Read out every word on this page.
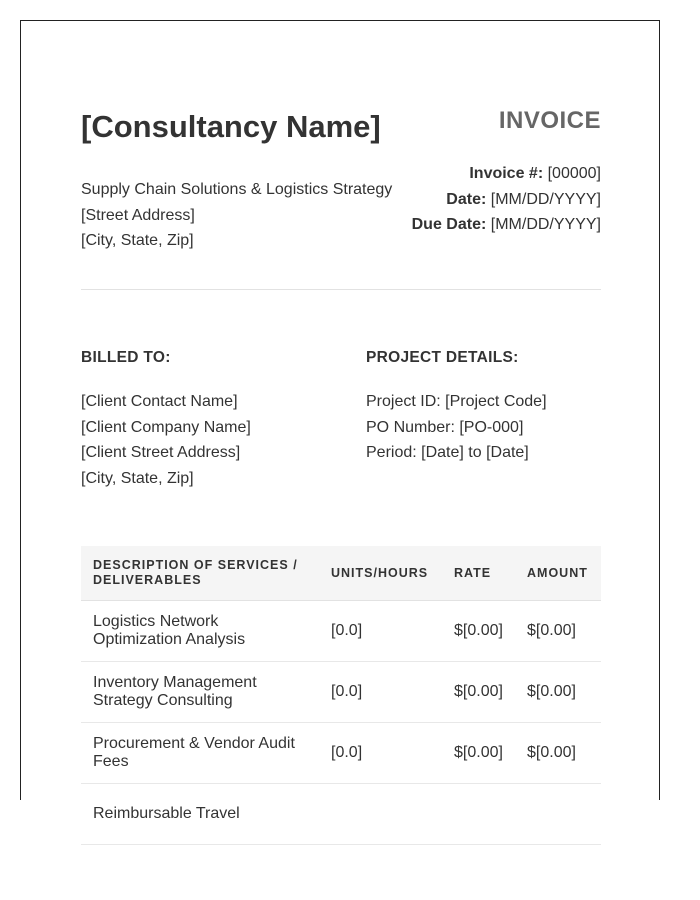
[Consultancy Name]
Supply Chain Solutions & Logistics Strategy
[Street Address]
[City, State, Zip]
INVOICE
Invoice #: [00000]
Date: [MM/DD/YYYY]
Due Date: [MM/DD/YYYY]
BILLED TO:
[Client Contact Name]
[Client Company Name]
[Client Street Address]
[City, State, Zip]
PROJECT DETAILS:
Project ID: [Project Code]
PO Number: [PO-000]
Period: [Date] to [Date]
DESCRIPTION OF SERVICES / DELIVERABLES	UNITS/HOURS	RATE	AMOUNT
Logistics Network Optimization Analysis	[0.0]	$[0.00]	$[0.00]
Inventory Management Strategy Consulting	[0.0]	$[0.00]	$[0.00]
Procurement & Vendor Audit Fees	[0.0]	$[0.00]	$[0.00]
Reimbursable Travel			
